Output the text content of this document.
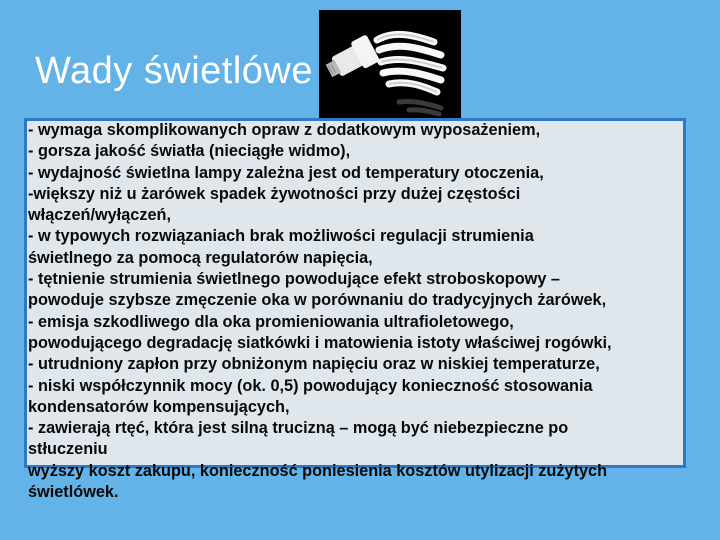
Wady świetlówe
- wymaga skomplikowanych opraw z dodatkowym wyposażeniem,
- gorsza jakość światła (nieciągłe widmo),
- wydajność świetlna lampy zależna jest od temperatury otoczenia,
-większy niż u żarówek spadek żywotności przy dużej częstości
włączeń/wyłączeń,
- w typowych rozwiązaniach brak możliwości regulacji strumienia
świetlnego za pomocą regulatorów napięcia,
- tętnienie strumienia świetlnego powodujące efekt stroboskopowy –
powoduje szybsze zmęczenie oka w porównaniu do tradycyjnych żarówek,
- emisja szkodliwego dla oka promieniowania ultrafioletowego,
powodującego degradację siatkówki i matowienia istoty właściwej rogówki,
- utrudniony zapłon przy obniżonym napięciu oraz w niskiej temperaturze,
- niski współczynnik mocy (ok. 0,5) powodujący konieczność stosowania
kondensatorów kompensujących,
- zawierają rtęć, która jest silną trucizną – mogą być niebezpieczne po
stłuczeniu
wyższy koszt zakupu, konieczność poniesienia kosztów utylizacji zużytych
świetlówek.
